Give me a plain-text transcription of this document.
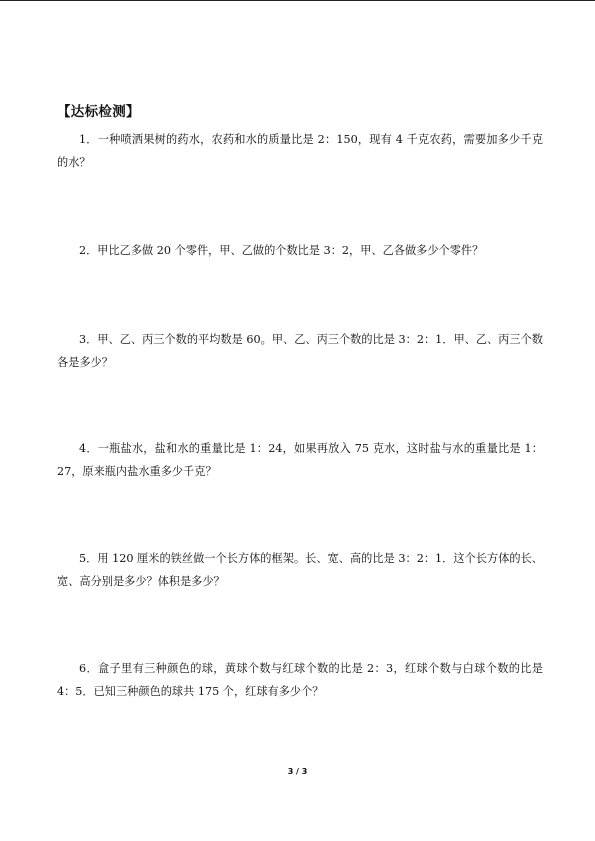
【达标检测】
1．一种喷洒果树的药水，农药和水的质量比是 2：150，现有 4 千克农药，需要加多少千克的水？
2．甲比乙多做 20 个零件，甲、乙做的个数比是 3：2，甲、乙各做多少个零件？
3．甲、乙、丙三个数的平均数是 60。甲、乙、丙三个数的比是 3：2：1．甲、乙、丙三个数各是多少？
4．一瓶盐水，盐和水的重量比是 1：24，如果再放入 75 克水，这时盐与水的重量比是 1：27，原来瓶内盐水重多少千克？
5．用 120 厘米的铁丝做一个长方体的框架。长、宽、高的比是 3：2：1．这个长方体的长、宽、高分别是多少？体积是多少？
6．盒子里有三种颜色的球，黄球个数与红球个数的比是 2：3，红球个数与白球个数的比是 4：5．已知三种颜色的球共 175 个，红球有多少个？
3 / 3
